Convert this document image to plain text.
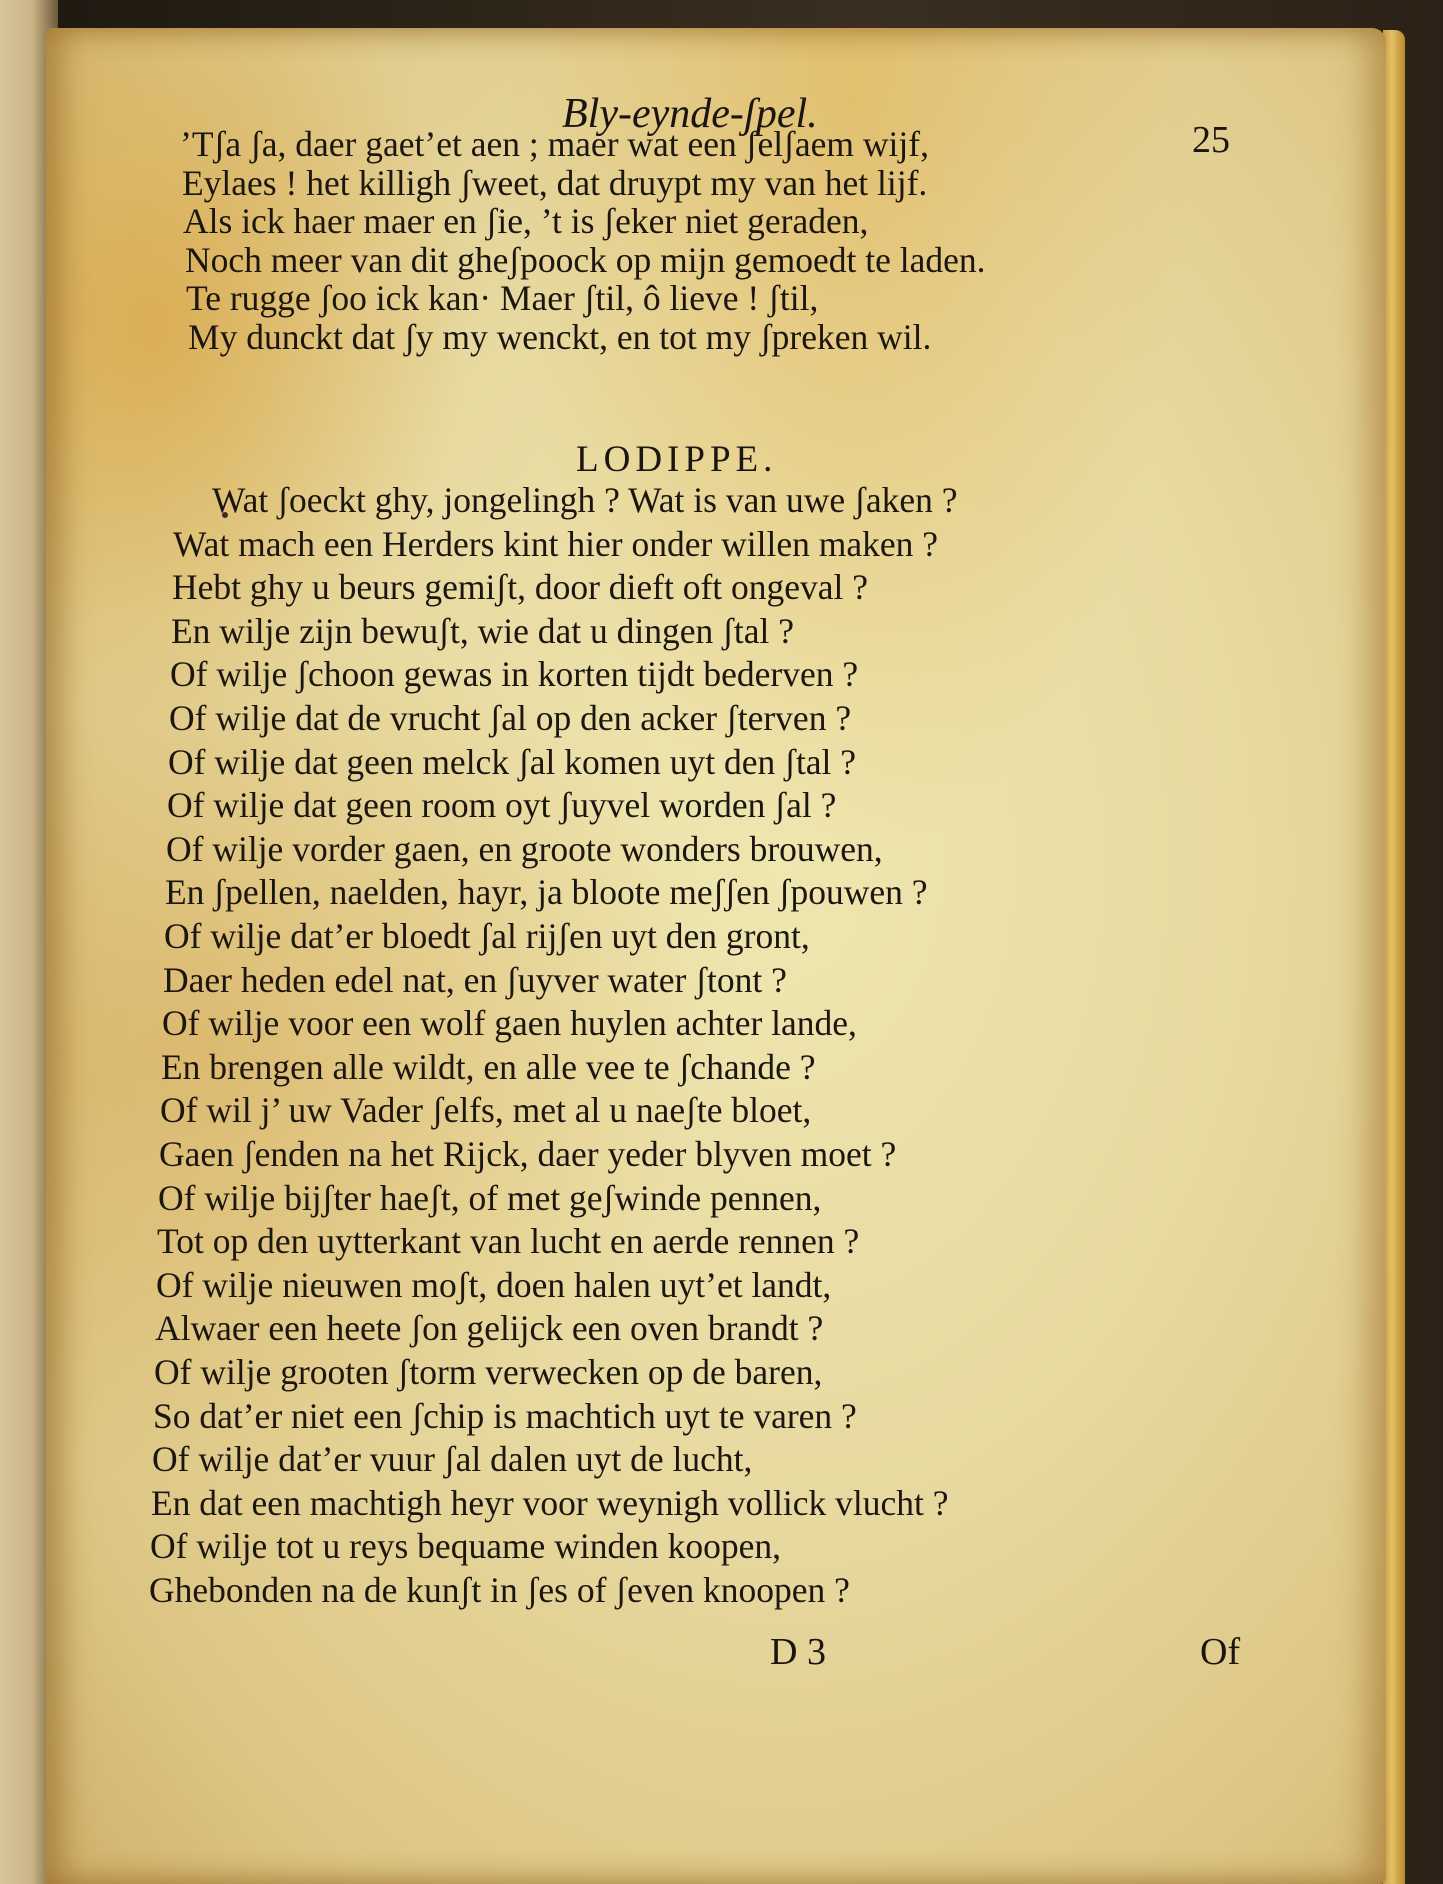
Bly-eynde-ʃpel.
25
’Tʃa ʃa, daer gaet’et aen ; maer wat een ʃelʃaem wijf,
Eylaes ! het killigh ʃweet, dat druypt my van het lijf.
Als ick haer maer en ʃie, ’t is ʃeker niet geraden,
Noch meer van dit gheʃpoock op mijn gemoedt te laden.
Te rugge ʃoo ick kan· Maer ʃtil, ô lieve ! ʃtil,
My dunckt dat ʃy my wenckt, en tot my ʃpreken wil.
LODIPPE.
Wat ʃoeckt ghy, jongelingh ? Wat is van uwe ʃaken ?
Wat mach een Herders kint hier onder willen maken ?
Hebt ghy u beurs gemiʃt, door dieft oft ongeval ?
En wilje zijn bewuʃt, wie dat u dingen ʃtal ?
Of wilje ʃchoon gewas in korten tijdt bederven ?
Of wilje dat de vrucht ʃal op den acker ʃterven ?
Of wilje dat geen melck ʃal komen uyt den ʃtal ?
Of wilje dat geen room oyt ʃuyvel worden ʃal ?
Of wilje vorder gaen, en groote wonders brouwen,
En ʃpellen, naelden, hayr, ja bloote meʃʃen ʃpouwen ?
Of wilje dat’er bloedt ʃal rijʃen uyt den gront,
Daer heden edel nat, en ʃuyver water ʃtont ?
Of wilje voor een wolf gaen huylen achter lande,
En brengen alle wildt, en alle vee te ʃchande ?
Of wil j’ uw Vader ʃelfs, met al u naeʃte bloet,
Gaen ʃenden na het Rijck, daer yeder blyven moet ?
Of wilje bijʃter haeʃt, of met geʃwinde pennen,
Tot op den uytterkant van lucht en aerde rennen ?
Of wilje nieuwen moʃt, doen halen uyt’et landt,
Alwaer een heete ʃon gelijck een oven brandt ?
Of wilje grooten ʃtorm verwecken op de baren,
So dat’er niet een ʃchip is machtich uyt te varen ?
Of wilje dat’er vuur ʃal dalen uyt de lucht,
En dat een machtigh heyr voor weynigh vollick vlucht ?
Of wilje tot u reys bequame winden koopen,
Ghebonden na de kunʃt in ʃes of ʃeven knoopen ?
D 3	Of
